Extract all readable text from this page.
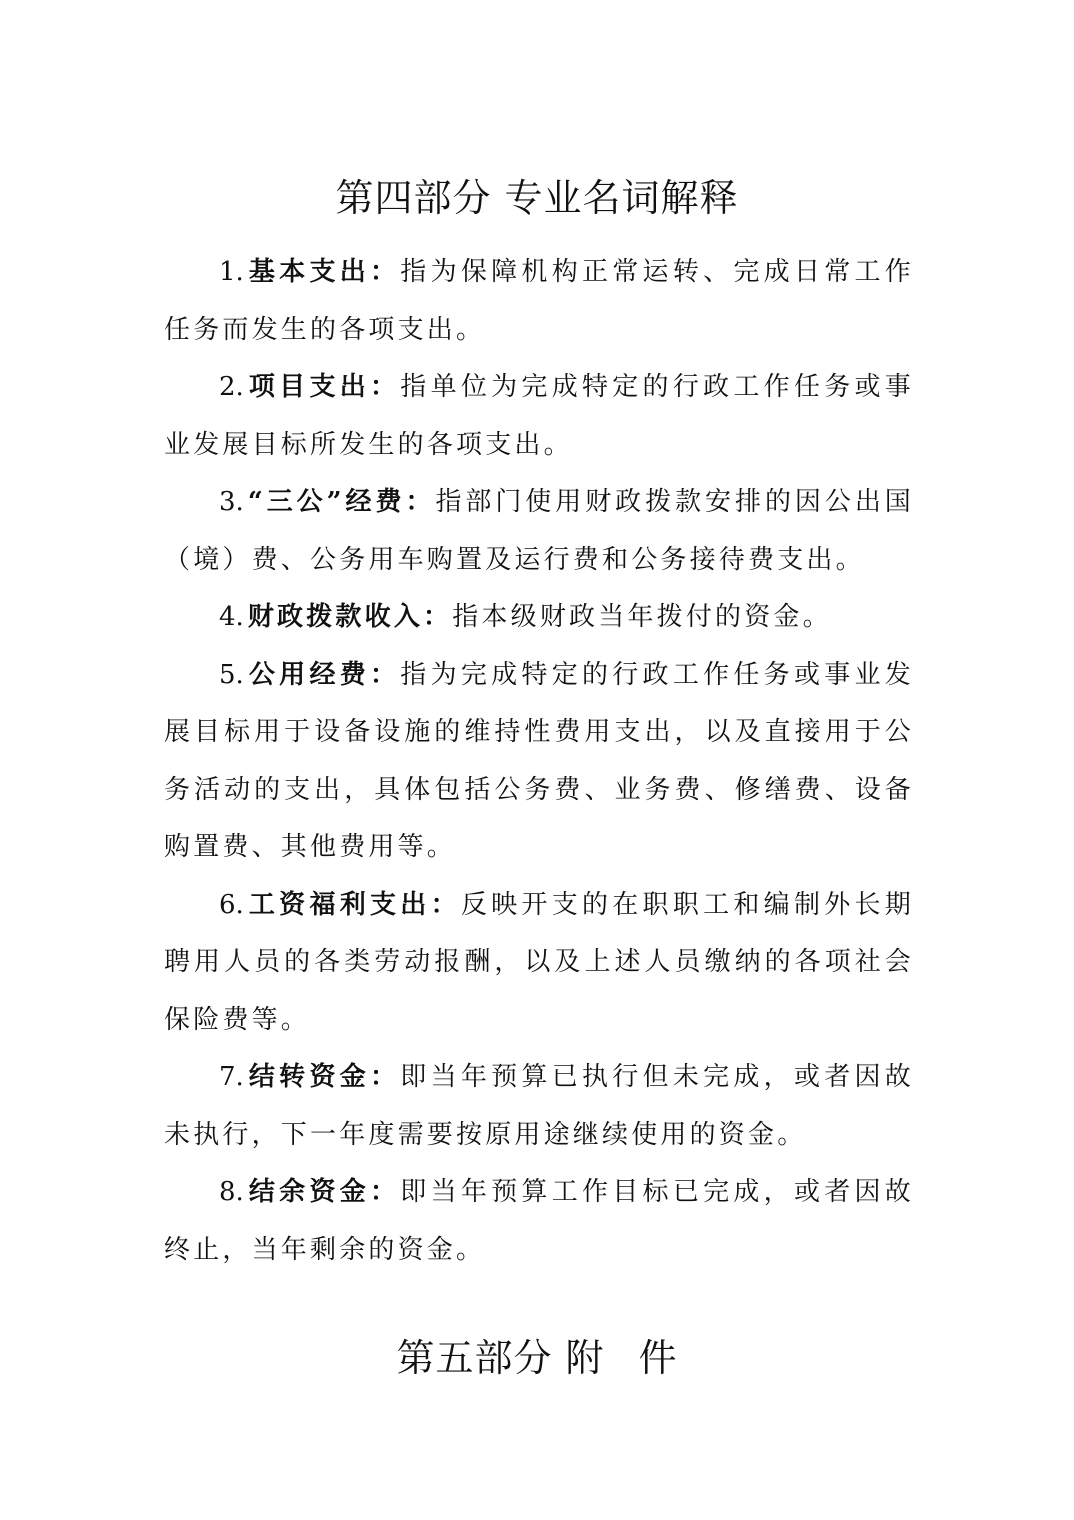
第四部分 专业名词解释

1. 基本支出：指为保障机构正常运转、完成日常工作任务而发生的各项支出。

2. 项目支出：指单位为完成特定的行政工作任务或事业发展目标所发生的各项支出。

3. “三公”经费：指部门使用财政拨款安排的因公出国（境）费、公务用车购置及运行费和公务接待费支出。

4. 财政拨款收入：指本级财政当年拨付的资金。

5. 公用经费：指为完成特定的行政工作任务或事业发展目标用于设备设施的维持性费用支出，以及直接用于公务活动的支出，具体包括公务费、业务费、修缮费、设备购置费、其他费用等。

6. 工资福利支出：反映开支的在职职工和编制外长期聘用人员的各类劳动报酬，以及上述人员缴纳的各项社会保险费等。

7. 结转资金：即当年预算已执行但未完成，或者因故未执行，下一年度需要按原用途继续使用的资金。

8. 结余资金：即当年预算工作目标已完成，或者因故终止，当年剩余的资金。

第五部分 附 件
